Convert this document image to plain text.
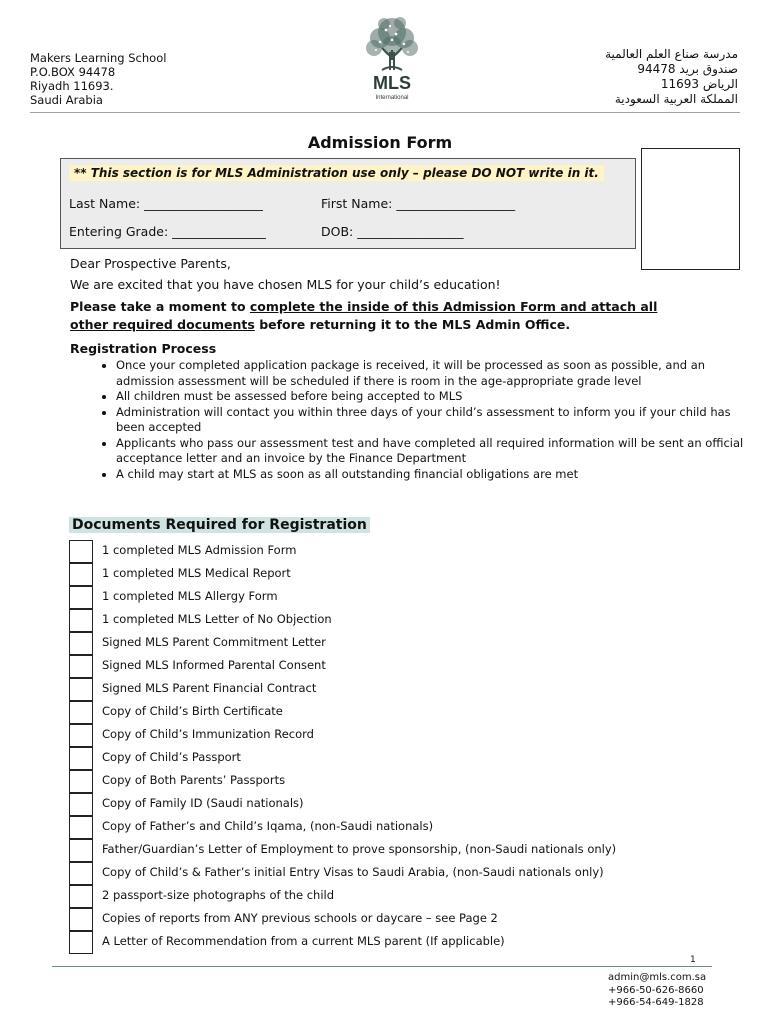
Makers Learning School
P.O.BOX 94478
Riyadh 11693.
Saudi Arabia
MLS
International
مدرسة صناع العلم العالمية
صندوق بريد 94478
الرياض 11693
المملكة العربية السعودية
Admission Form
** This section is for MLS Administration use only – please DO NOT write in it.
Last Name: ___________________	First Name: ___________________
Entering Grade: _______________	DOB: _________________
Dear Prospective Parents,
We are excited that you have chosen MLS for your child’s education!
Please take a moment to complete the inside of this Admission Form and attach all other required documents before returning it to the MLS Admin Office.
Registration Process
• Once your completed application package is received, it will be processed as soon as possible, and an admission assessment will be scheduled if there is room in the age-appropriate grade level
• All children must be assessed before being accepted to MLS
• Administration will contact you within three days of your child’s assessment to inform you if your child has been accepted
• Applicants who pass our assessment test and have completed all required information will be sent an official acceptance letter and an invoice by the Finance Department
• A child may start at MLS as soon as all outstanding financial obligations are met
Documents Required for Registration
1 completed MLS Admission Form
1 completed MLS Medical Report
1 completed MLS Allergy Form
1 completed MLS Letter of No Objection
Signed MLS Parent Commitment Letter
Signed MLS Informed Parental Consent
Signed MLS Parent Financial Contract
Copy of Child’s Birth Certificate
Copy of Child’s Immunization Record
Copy of Child’s Passport
Copy of Both Parents’ Passports
Copy of Family ID (Saudi nationals)
Copy of Father’s and Child’s Iqama, (non-Saudi nationals)
Father/Guardian’s Letter of Employment to prove sponsorship, (non-Saudi nationals only)
Copy of Child’s & Father’s initial Entry Visas to Saudi Arabia, (non-Saudi nationals only)
2 passport-size photographs of the child
Copies of reports from ANY previous schools or daycare – see Page 2
A Letter of Recommendation from a current MLS parent (If applicable)
1
admin@mls.com.sa
+966-50-626-8660
+966-54-649-1828
